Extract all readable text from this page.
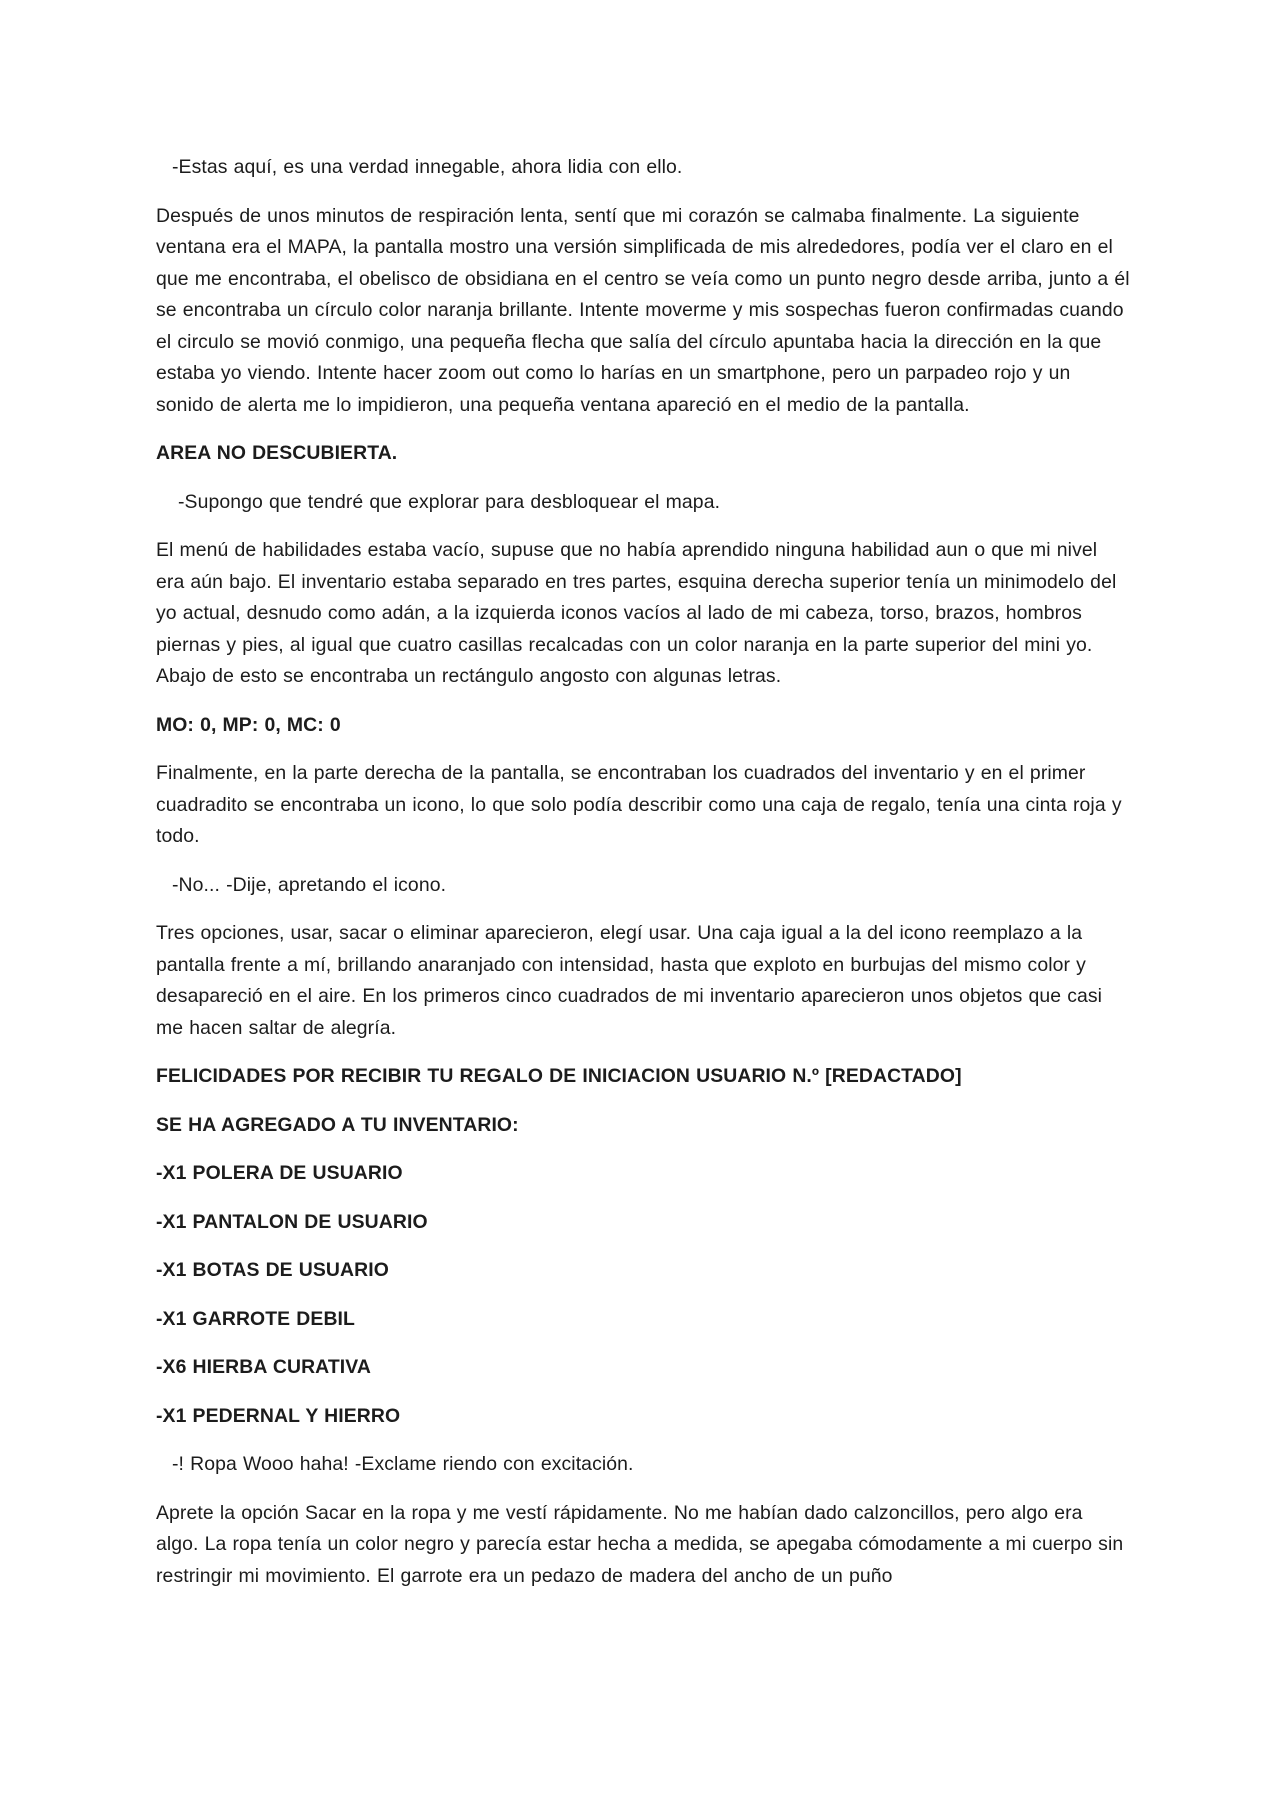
-Estas aquí, es una verdad innegable, ahora lidia con ello.

Después de unos minutos de respiración lenta, sentí que mi corazón se calmaba finalmente. La siguiente ventana era el MAPA, la pantalla mostro una versión simplificada de mis alrededores, podía ver el claro en el que me encontraba, el obelisco de obsidiana en el centro se veía como un punto negro desde arriba, junto a él se encontraba un círculo color naranja brillante. Intente moverme y mis sospechas fueron confirmadas cuando el circulo se movió conmigo, una pequeña flecha que salía del círculo apuntaba hacia la dirección en la que estaba yo viendo. Intente hacer zoom out como lo harías en un smartphone, pero un parpadeo rojo y un sonido de alerta me lo impidieron, una pequeña ventana apareció en el medio de la pantalla.

AREA NO DESCUBIERTA.

-Supongo que tendré que explorar para desbloquear el mapa.

El menú de habilidades estaba vacío, supuse que no había aprendido ninguna habilidad aun o que mi nivel era aún bajo. El inventario estaba separado en tres partes, esquina derecha superior tenía un minimodelo del yo actual, desnudo como adán, a la izquierda iconos vacíos al lado de mi cabeza, torso, brazos, hombros piernas y pies, al igual que cuatro casillas recalcadas con un color naranja en la parte superior del mini yo. Abajo de esto se encontraba un rectángulo angosto con algunas letras.

MO: 0, MP: 0, MC: 0

Finalmente, en la parte derecha de la pantalla, se encontraban los cuadrados del inventario y en el primer cuadradito se encontraba un icono, lo que solo podía describir como una caja de regalo, tenía una cinta roja y todo.

-No... -Dije, apretando el icono.

Tres opciones, usar, sacar o eliminar aparecieron, elegí usar. Una caja igual a la del icono reemplazo a la pantalla frente a mí, brillando anaranjado con intensidad, hasta que exploto en burbujas del mismo color y desapareció en el aire. En los primeros cinco cuadrados de mi inventario aparecieron unos objetos que casi me hacen saltar de alegría.

FELICIDADES POR RECIBIR TU REGALO DE INICIACION USUARIO N.º [REDACTADO]

SE HA AGREGADO A TU INVENTARIO:

-X1 POLERA DE USUARIO

-X1 PANTALON DE USUARIO

-X1 BOTAS DE USUARIO

-X1 GARROTE DEBIL

-X6 HIERBA CURATIVA

-X1 PEDERNAL Y HIERRO

-! Ropa Wooo haha! -Exclame riendo con excitación.

Aprete la opción Sacar en la ropa y me vestí rápidamente. No me habían dado calzoncillos, pero algo era algo. La ropa tenía un color negro y parecía estar hecha a medida, se apegaba cómodamente a mi cuerpo sin restringir mi movimiento. El garrote era un pedazo de madera del ancho de un puño
